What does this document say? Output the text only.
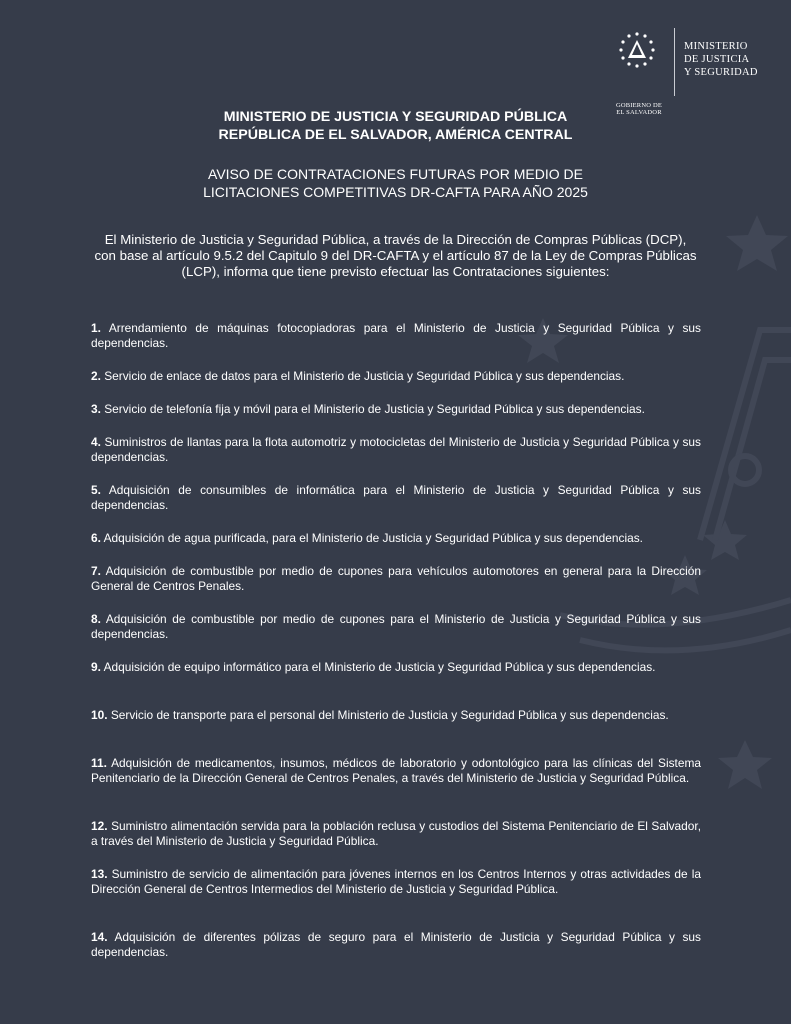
GOBIERNO DE EL SALVADOR
MINISTERIO
DE JUSTICIA
Y SEGURIDAD

MINISTERIO DE JUSTICIA Y SEGURIDAD PÚBLICA

REPÚBLICA DE EL SALVADOR, AMÉRICA CENTRAL

AVISO DE CONTRATACIONES FUTURAS POR MEDIO DE

LICITACIONES COMPETITIVAS DR-CAFTA PARA AÑO 2025

El Ministerio de Justicia y Seguridad Pública, a través de la Dirección de Compras Públicas (DCP), con base al artículo 9.5.2 del Capitulo 9 del DR-CAFTA y el artículo 87 de la Ley de Compras Públicas (LCP), informa que tiene previsto efectuar las Contrataciones siguientes:

1. Arrendamiento de máquinas fotocopiadoras para el Ministerio de Justicia y Seguridad Pública y sus dependencias.

2. Servicio de enlace de datos para el Ministerio de Justicia y Seguridad Pública y sus dependencias.

3. Servicio de telefonía fija y móvil para el Ministerio de Justicia y Seguridad Pública y sus dependencias.

4. Suministros de llantas para la flota automotriz y motocicletas del Ministerio de Justicia y Seguridad Pública y sus dependencias.

5. Adquisición de consumibles de informática para el Ministerio de Justicia y Seguridad Pública y sus dependencias.

6. Adquisición de agua purificada, para el Ministerio de Justicia y Seguridad Pública y sus dependencias.

7. Adquisición de combustible por medio de cupones para vehículos automotores en general para la Dirección General de Centros Penales.

8. Adquisición de combustible por medio de cupones para el Ministerio de Justicia y Seguridad Pública y sus dependencias.

9. Adquisición de equipo informático para el Ministerio de Justicia y Seguridad Pública y sus dependencias.

10. Servicio de transporte para el personal del Ministerio de Justicia y Seguridad Pública y sus dependencias.

11. Adquisición de medicamentos, insumos, médicos de laboratorio y odontológico para las clínicas del Sistema Penitenciario de la Dirección General de Centros Penales, a través del Ministerio de Justicia y Seguridad Pública.

12. Suministro alimentación servida para la población reclusa y custodios del Sistema Penitenciario de El Salvador, a través del Ministerio de Justicia y Seguridad Pública.

13. Suministro de servicio de alimentación para jóvenes internos en los Centros Internos y otras actividades de la Dirección General de Centros Intermedios del Ministerio de Justicia y Seguridad Pública.

14. Adquisición de diferentes pólizas de seguro para el Ministerio de Justicia y Seguridad Pública y sus dependencias.
